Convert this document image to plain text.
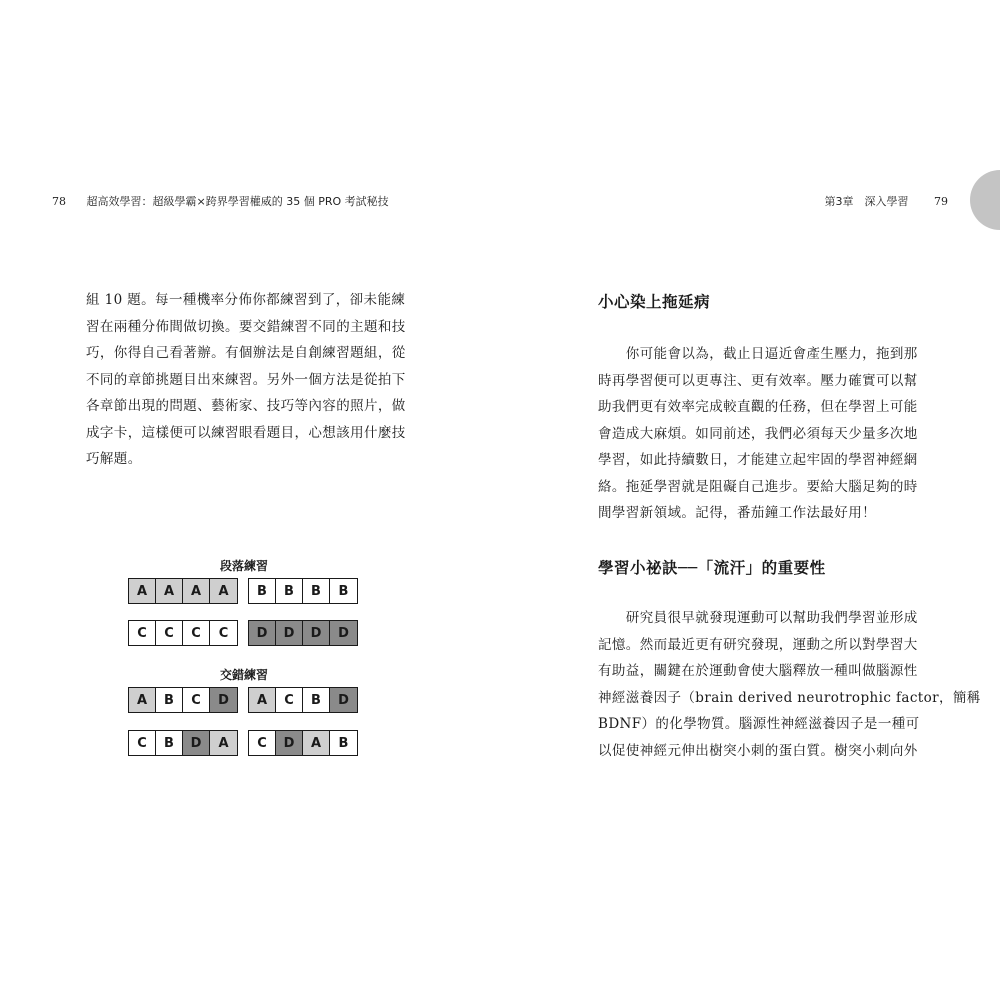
78 超高效學習：超級學霸×跨界學習權威的 35 個 PRO 考試秘技	第3章　深入學習 79

組 10 題。每一種機率分佈你都練習到了，卻未能練
習在兩種分佈間做切換。要交錯練習不同的主題和技
巧，你得自己看著辦。有個辦法是自創練習題組，從
不同的章節挑題目出來練習。另外一個方法是從拍下
各章節出現的問題、藝術家、技巧等內容的照片，做
成字卡，這樣便可以練習眼看題目，心想該用什麼技
巧解題。

段落練習
交錯練習
A	A	A	A	B	B	B	B
C	C	C	C	D	D	D	D
A	B	C	D	A	C	B	D
C	B	D	A	C	D	A	B
小心染上拖延病

　　你可能會以為，截止日逼近會產生壓力，拖到那
時再學習便可以更專注、更有效率。壓力確實可以幫
助我們更有效率完成較直觀的任務，但在學習上可能
會造成大麻煩。如同前述，我們必須每天少量多次地
學習，如此持續數日，才能建立起牢固的學習神經網
絡。拖延學習就是阻礙自己進步。要給大腦足夠的時
間學習新領域。記得，番茄鐘工作法最好用！

學習小祕訣──「流汗」的重要性

　　研究員很早就發現運動可以幫助我們學習並形成
記憶。然而最近更有研究發現，運動之所以對學習大
有助益，關鍵在於運動會使大腦釋放一種叫做腦源性
神經滋養因子（brain derived neurotrophic factor，簡稱
BDNF）的化學物質。腦源性神經滋養因子是一種可
以促使神經元伸出樹突小刺的蛋白質。樹突小刺向外
